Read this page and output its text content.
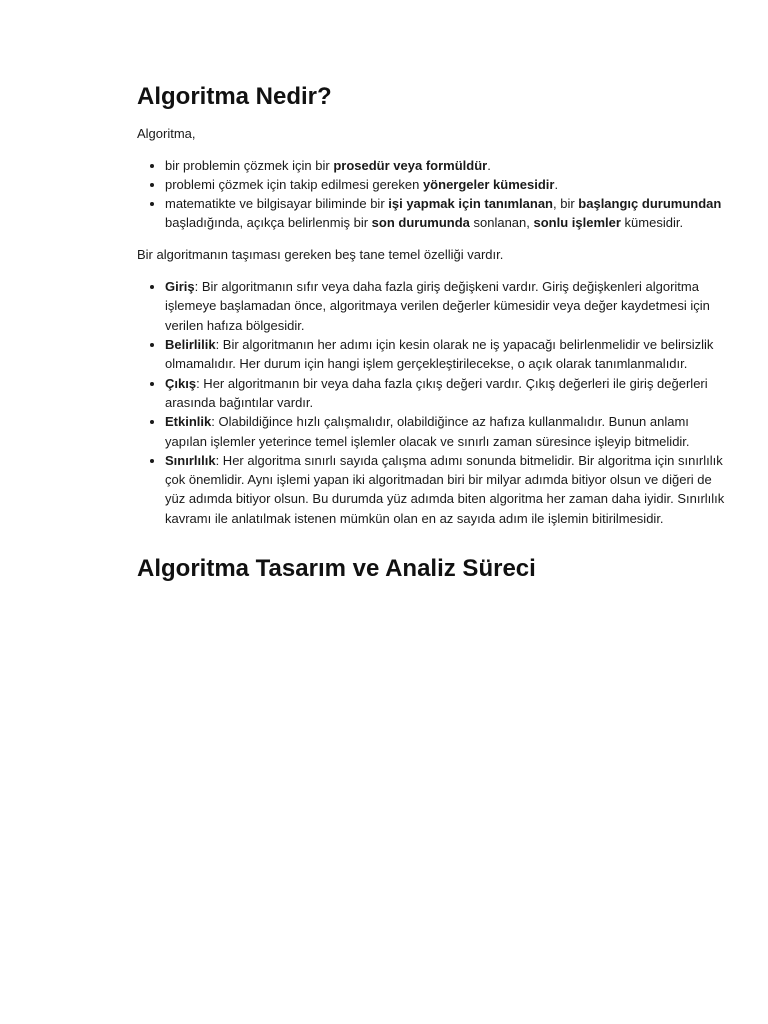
Algoritma Nedir?

Algoritma,

• bir problemin çözmek için bir prosedür veya formüldür.
• problemi çözmek için takip edilmesi gereken yönergeler kümesidir.
• matematikte ve bilgisayar biliminde bir işi yapmak için tanımlanan, bir başlangıç durumundan başladığında, açıkça belirlenmiş bir son durumunda sonlanan, sonlu işlemler kümesidir.

Bir algoritmanın taşıması gereken beş tane temel özelliği vardır.

• Giriş: Bir algoritmanın sıfır veya daha fazla giriş değişkeni vardır. Giriş değişkenleri algoritma işlemeye başlamadan önce, algoritmaya verilen değerler kümesidir veya değer kaydetmesi için verilen hafıza bölgesidir.
• Belirlilik: Bir algoritmanın her adımı için kesin olarak ne iş yapacağı belirlenmelidir ve belirsizlik olmamalıdır. Her durum için hangi işlem gerçekleştirilecekse, o açık olarak tanımlanmalıdır.
• Çıkış: Her algoritmanın bir veya daha fazla çıkış değeri vardır. Çıkış değerleri ile giriş değerleri arasında bağıntılar vardır.
• Etkinlik: Olabildiğince hızlı çalışmalıdır, olabildiğince az hafıza kullanmalıdır. Bunun anlamı yapılan işlemler yeterince temel işlemler olacak ve sınırlı zaman süresince işleyip bitmelidir.
• Sınırlılık: Her algoritma sınırlı sayıda çalışma adımı sonunda bitmelidir. Bir algoritma için sınırlılık çok önemlidir. Aynı işlemi yapan iki algoritmadan biri bir milyar adımda bitiyor olsun ve diğeri de yüz adımda bitiyor olsun. Bu durumda yüz adımda biten algoritma her zaman daha iyidir. Sınırlılık kavramı ile anlatılmak istenen mümkün olan en az sayıda adım ile işlemin bitirilmesidir.
Algoritma Tasarım ve Analiz Süreci
